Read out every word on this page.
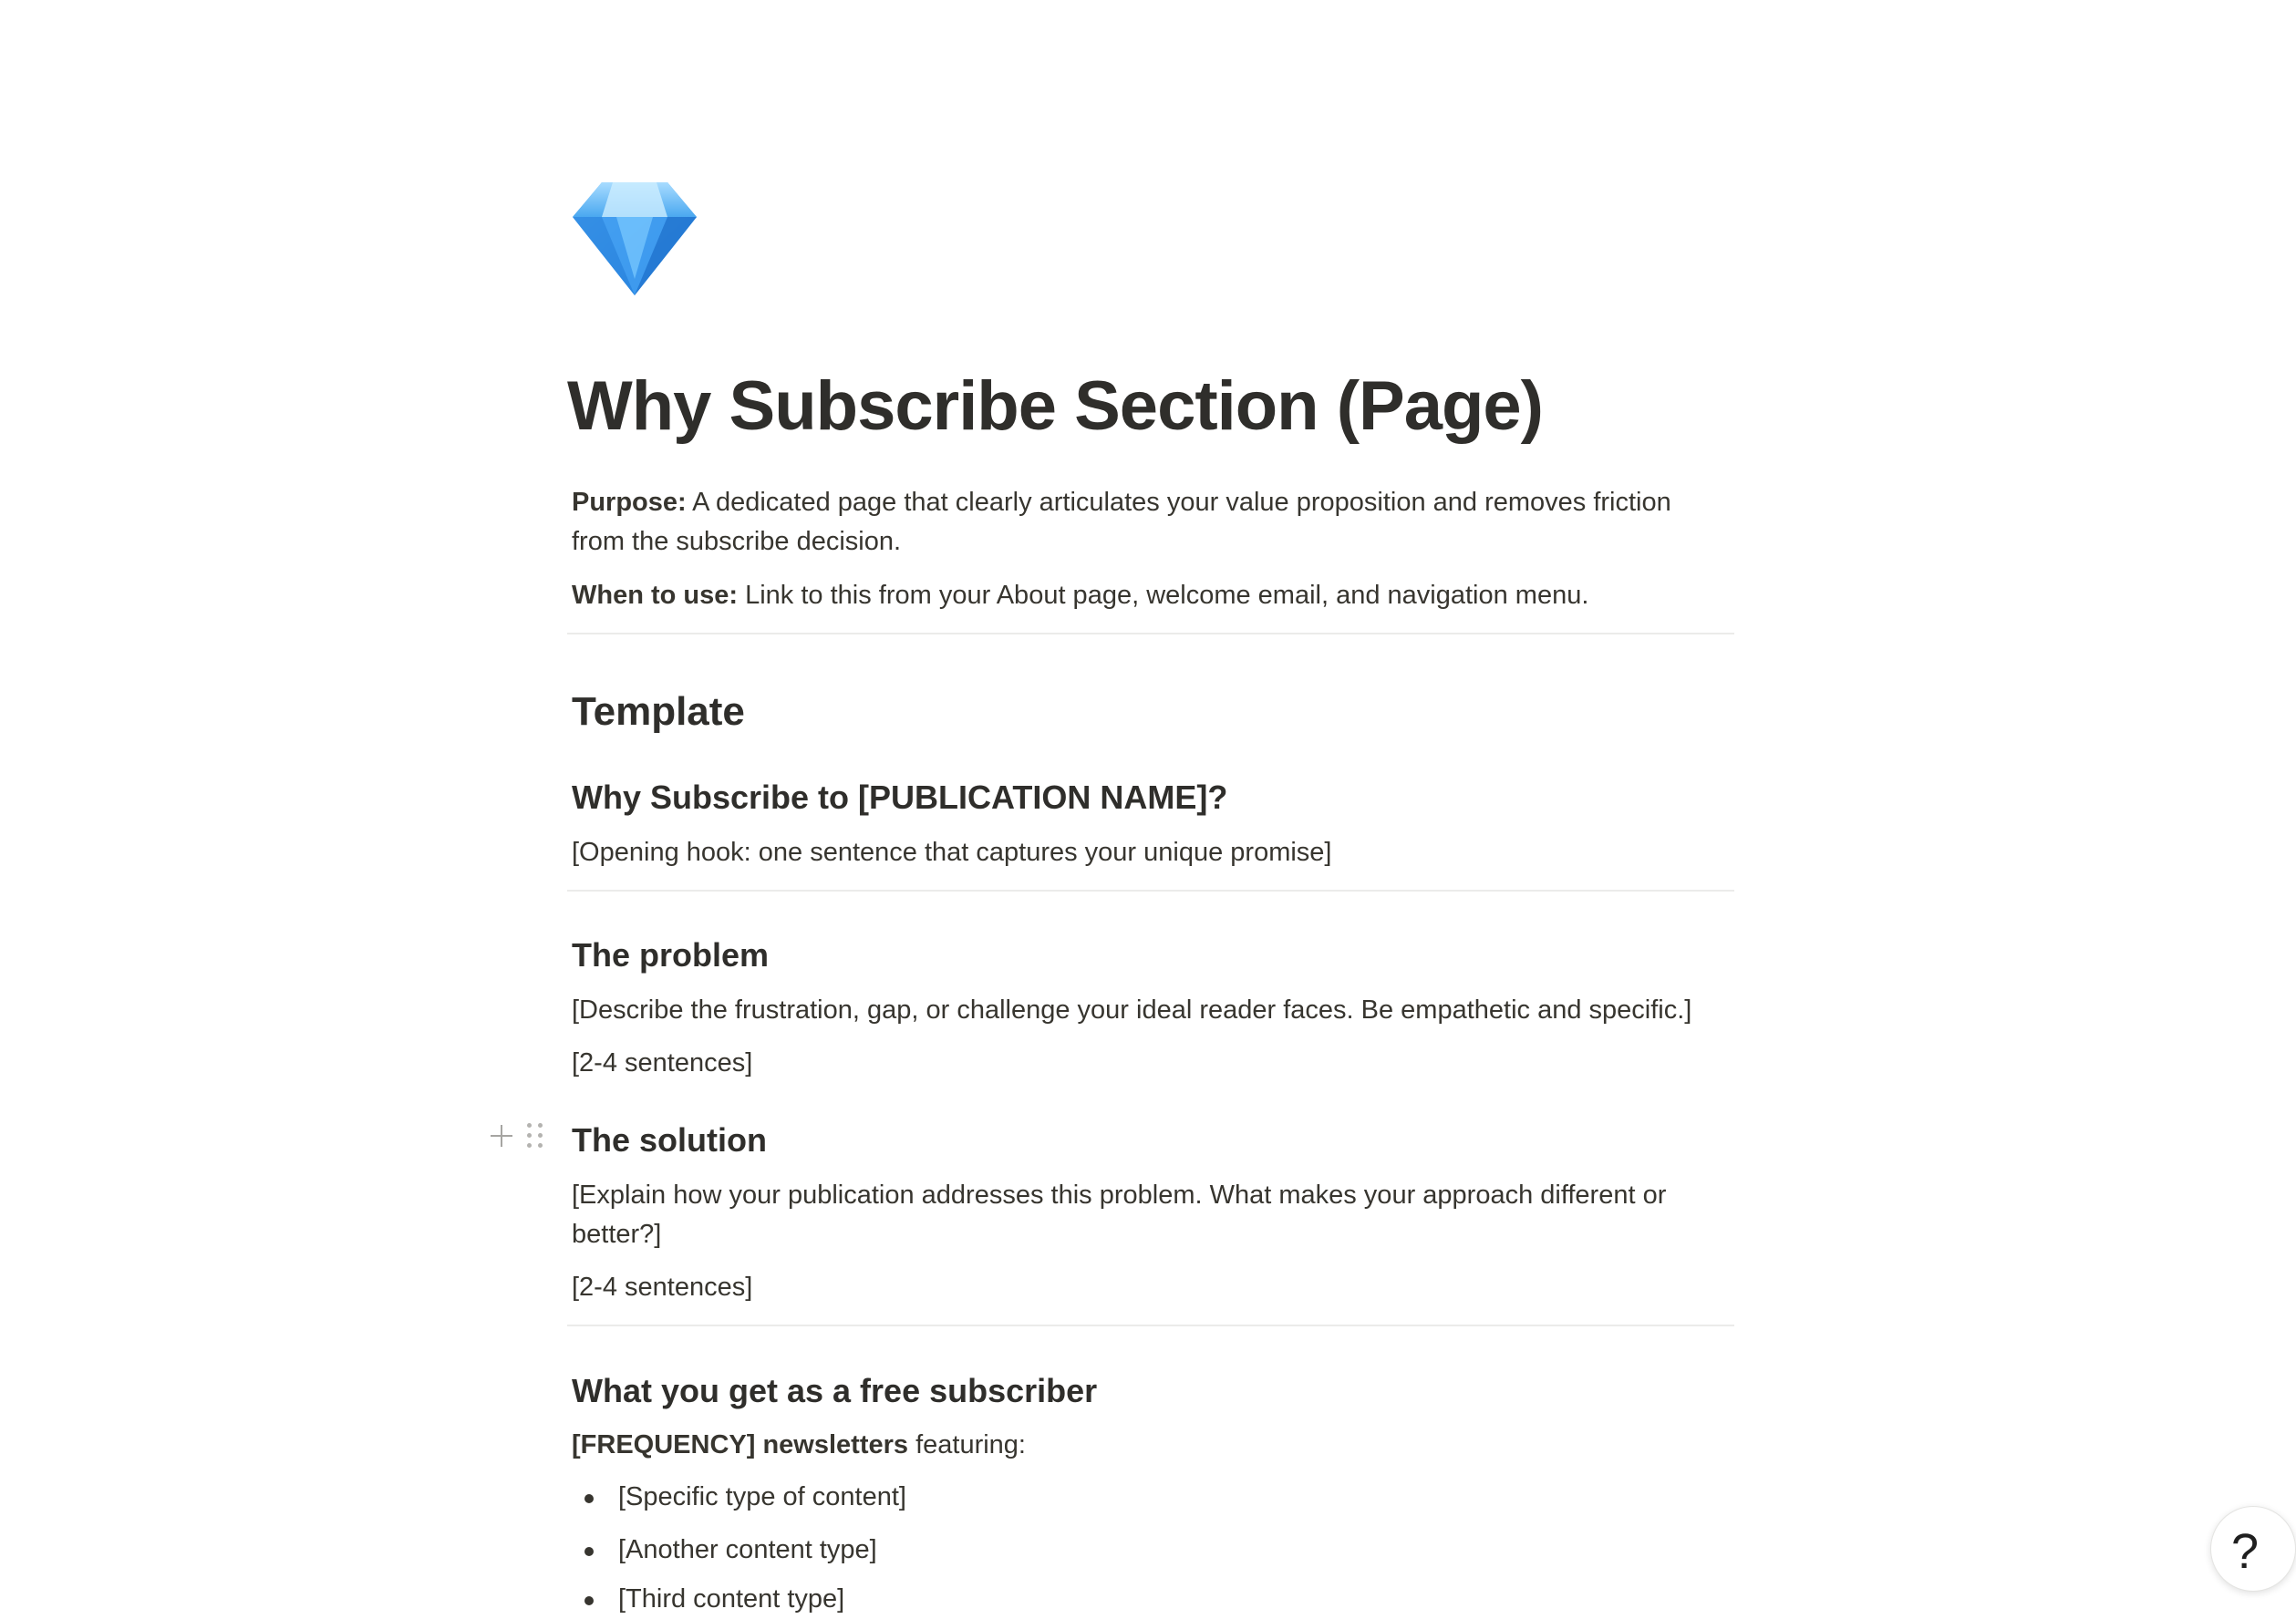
Why Subscribe Section (Page)

Purpose: A dedicated page that clearly articulates your value proposition and removes friction from the subscribe decision.

When to use: Link to this from your About page, welcome email, and navigation menu.

Template
Why Subscribe to [PUBLICATION NAME]?

[Opening hook: one sentence that captures your unique promise]

The problem

[Describe the frustration, gap, or challenge your ideal reader faces. Be empathetic and specific.]

[2-4 sentences]

The solution

[Explain how your publication addresses this problem. What makes your approach different or better?]

[2-4 sentences]

What you get as a free subscriber

[FREQUENCY] newsletters featuring:

[Specific type of content]
[Another content type]
[Third content type]
?
